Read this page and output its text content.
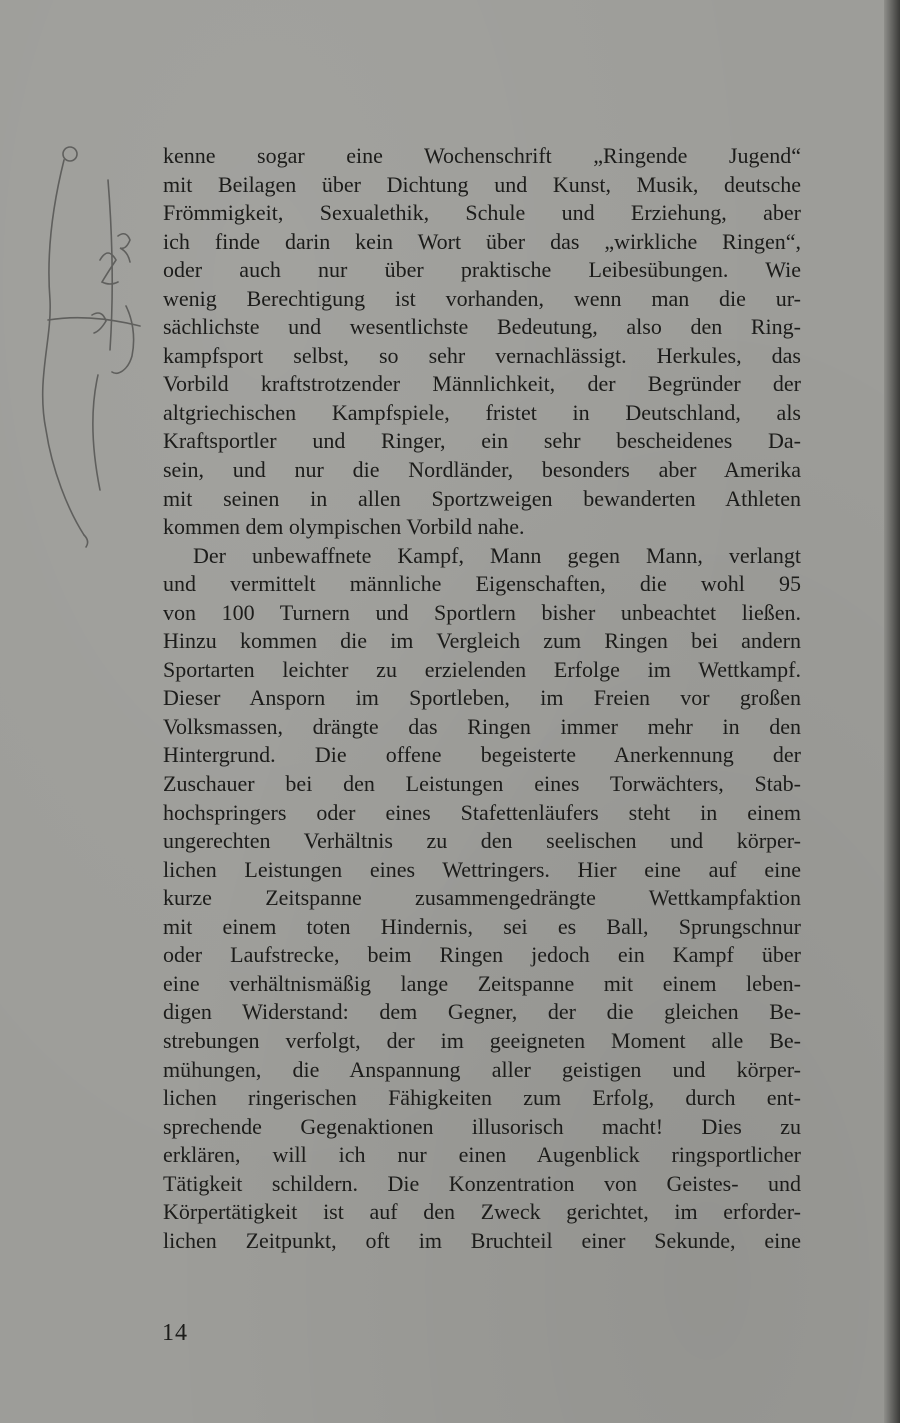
kenne sogar eine Wochenschrift „Ringende Jugend“
mit Beilagen über Dichtung und Kunst, Musik, deutsche
Frömmigkeit, Sexualethik, Schule und Erziehung, aber
ich finde darin kein Wort über das „wirkliche Ringen“,
oder auch nur über praktische Leibesübungen. Wie
wenig Berechtigung ist vorhanden, wenn man die ur-
sächlichste und wesentlichste Bedeutung, also den Ring-
kampfsport selbst, so sehr vernachlässigt. Herkules, das
Vorbild kraftstrotzender Männlichkeit, der Begründer der
altgriechischen Kampfspiele, fristet in Deutschland, als
Kraftsportler und Ringer, ein sehr bescheidenes Da-
sein, und nur die Nordländer, besonders aber Amerika
mit seinen in allen Sportzweigen bewanderten Athleten
kommen dem olympischen Vorbild nahe.
Der unbewaffnete Kampf, Mann gegen Mann, verlangt
und vermittelt männliche Eigenschaften, die wohl 95
von 100 Turnern und Sportlern bisher unbeachtet ließen.
Hinzu kommen die im Vergleich zum Ringen bei andern
Sportarten leichter zu erzielenden Erfolge im Wettkampf.
Dieser Ansporn im Sportleben, im Freien vor großen
Volksmassen, drängte das Ringen immer mehr in den
Hintergrund. Die offene begeisterte Anerkennung der
Zuschauer bei den Leistungen eines Torwächters, Stab-
hochspringers oder eines Stafettenläufers steht in einem
ungerechten Verhältnis zu den seelischen und körper-
lichen Leistungen eines Wettringers. Hier eine auf eine
kurze Zeitspanne zusammengedrängte Wettkampfaktion
mit einem toten Hindernis, sei es Ball, Sprungschnur
oder Laufstrecke, beim Ringen jedoch ein Kampf über
eine verhältnismäßig lange Zeitspanne mit einem leben-
digen Widerstand: dem Gegner, der die gleichen Be-
strebungen verfolgt, der im geeigneten Moment alle Be-
mühungen, die Anspannung aller geistigen und körper-
lichen ringerischen Fähigkeiten zum Erfolg, durch ent-
sprechende Gegenaktionen illusorisch macht! Dies zu
erklären, will ich nur einen Augenblick ringsportlicher
Tätigkeit schildern. Die Konzentration von Geistes- und
Körpertätigkeit ist auf den Zweck gerichtet, im erforder-
lichen Zeitpunkt, oft im Bruchteil einer Sekunde, eine
14
